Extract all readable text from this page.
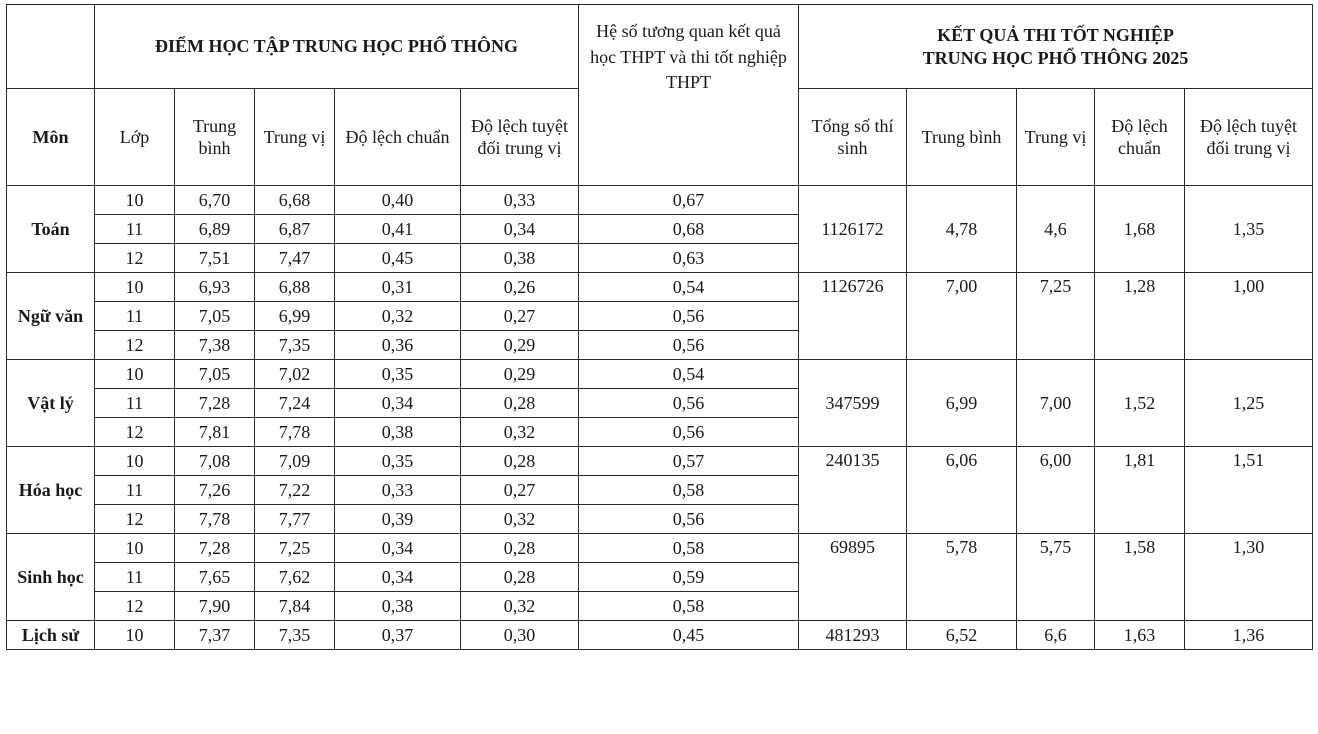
	ĐIỂM HỌC TẬP TRUNG HỌC PHỔ THÔNG					Hệ số tương quan kết quả học THPT và thi tốt nghiệp THPT	KẾT QUẢ THI TỐT NGHIỆP
TRUNG HỌC PHỔ THÔNG 2025				

Môn	Lớp	Trung bình	Trung vị	Độ lệch chuẩn	Độ lệch tuyệt đối trung vị		Tổng số thí sinh	Trung bình	Trung vị	Độ lệch chuẩn	Độ lệch tuyệt đối trung vị
Toán	10	6,70	6,68	0,40	0,33	0,67	1126172	4,78	4,6	1,68	1,35
	11	6,89	6,87	0,41	0,34	0,68					
	12	7,51	7,47	0,45	0,38	0,63					
Ngữ văn	10	6,93	6,88	0,31	0,26	0,54	1126726	7,00	7,25	1,28	1,00
	11	7,05	6,99	0,32	0,27	0,56					
	12	7,38	7,35	0,36	0,29	0,56					
Vật lý	10	7,05	7,02	0,35	0,29	0,54	347599	6,99	7,00	1,52	1,25
	11	7,28	7,24	0,34	0,28	0,56					
	12	7,81	7,78	0,38	0,32	0,56					
Hóa học	10	7,08	7,09	0,35	0,28	0,57	240135	6,06	6,00	1,81	1,51
	11	7,26	7,22	0,33	0,27	0,58					
	12	7,78	7,77	0,39	0,32	0,56					
Sinh học	10	7,28	7,25	0,34	0,28	0,58	69895	5,78	5,75	1,58	1,30
	11	7,65	7,62	0,34	0,28	0,59					
	12	7,90	7,84	0,38	0,32	0,58					
Lịch sử	10	7,37	7,35	0,37	0,30	0,45	481293	6,52	6,6	1,63	1,36
